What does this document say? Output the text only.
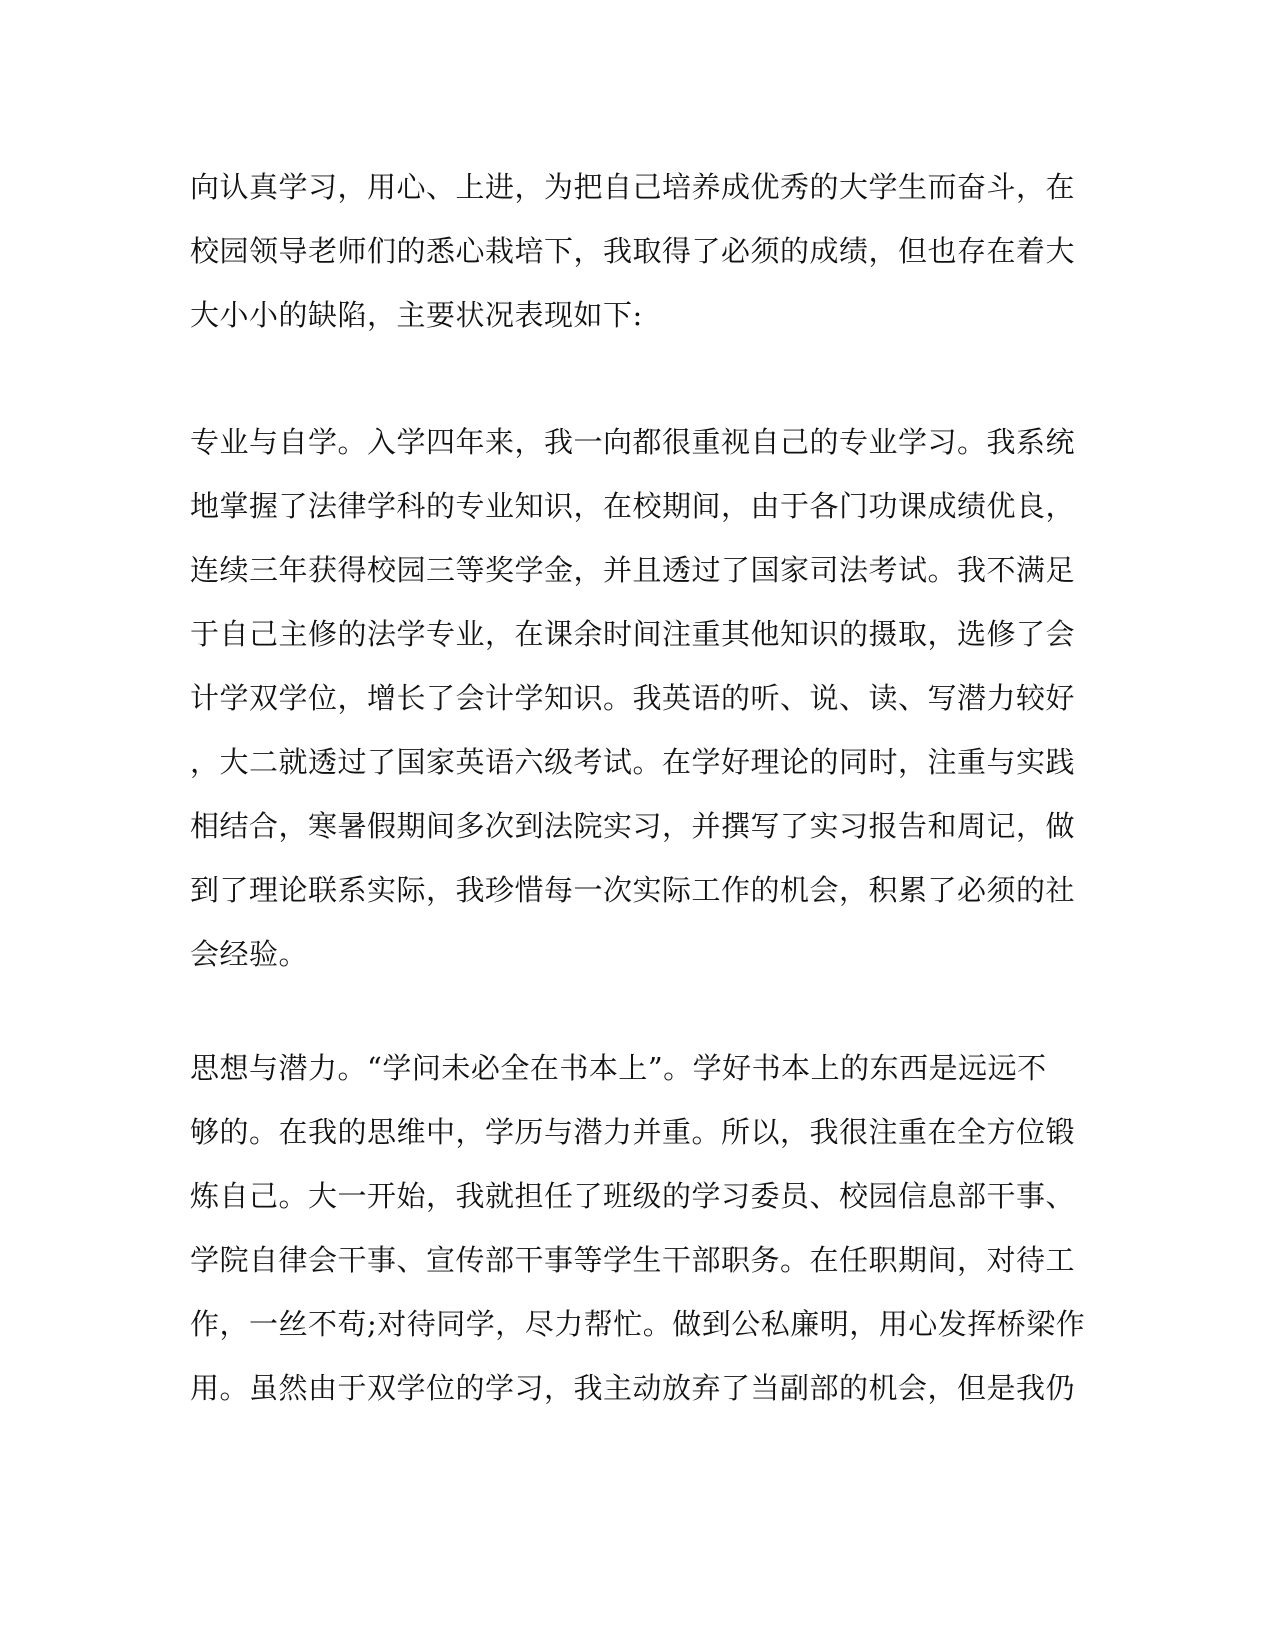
向认真学习，用心、上进，为把自己培养成优秀的大学生而奋斗，在
校园领导老师们的悉心栽培下，我取得了必须的成绩，但也存在着大
大小小的缺陷，主要状况表现如下:
专业与自学。入学四年来，我一向都很重视自己的专业学习。我系统
地掌握了法律学科的专业知识，在校期间，由于各门功课成绩优良，
连续三年获得校园三等奖学金，并且透过了国家司法考试。我不满足
于自己主修的法学专业，在课余时间注重其他知识的摄取，选修了会
计学双学位，增长了会计学知识。我英语的听、说、读、写潜力较好
，大二就透过了国家英语六级考试。在学好理论的同时，注重与实践
相结合，寒暑假期间多次到法院实习，并撰写了实习报告和周记，做
到了理论联系实际，我珍惜每一次实际工作的机会，积累了必须的社
会经验。
思想与潜力。“学问未必全在书本上”。学好书本上的东西是远远不
够的。在我的思维中，学历与潜力并重。所以，我很注重在全方位锻
炼自己。大一开始，我就担任了班级的学习委员、校园信息部干事、
学院自律会干事、宣传部干事等学生干部职务。在任职期间，对待工
作，一丝不苟;对待同学，尽力帮忙。做到公私廉明，用心发挥桥梁作
用。虽然由于双学位的学习，我主动放弃了当副部的机会，但是我仍
